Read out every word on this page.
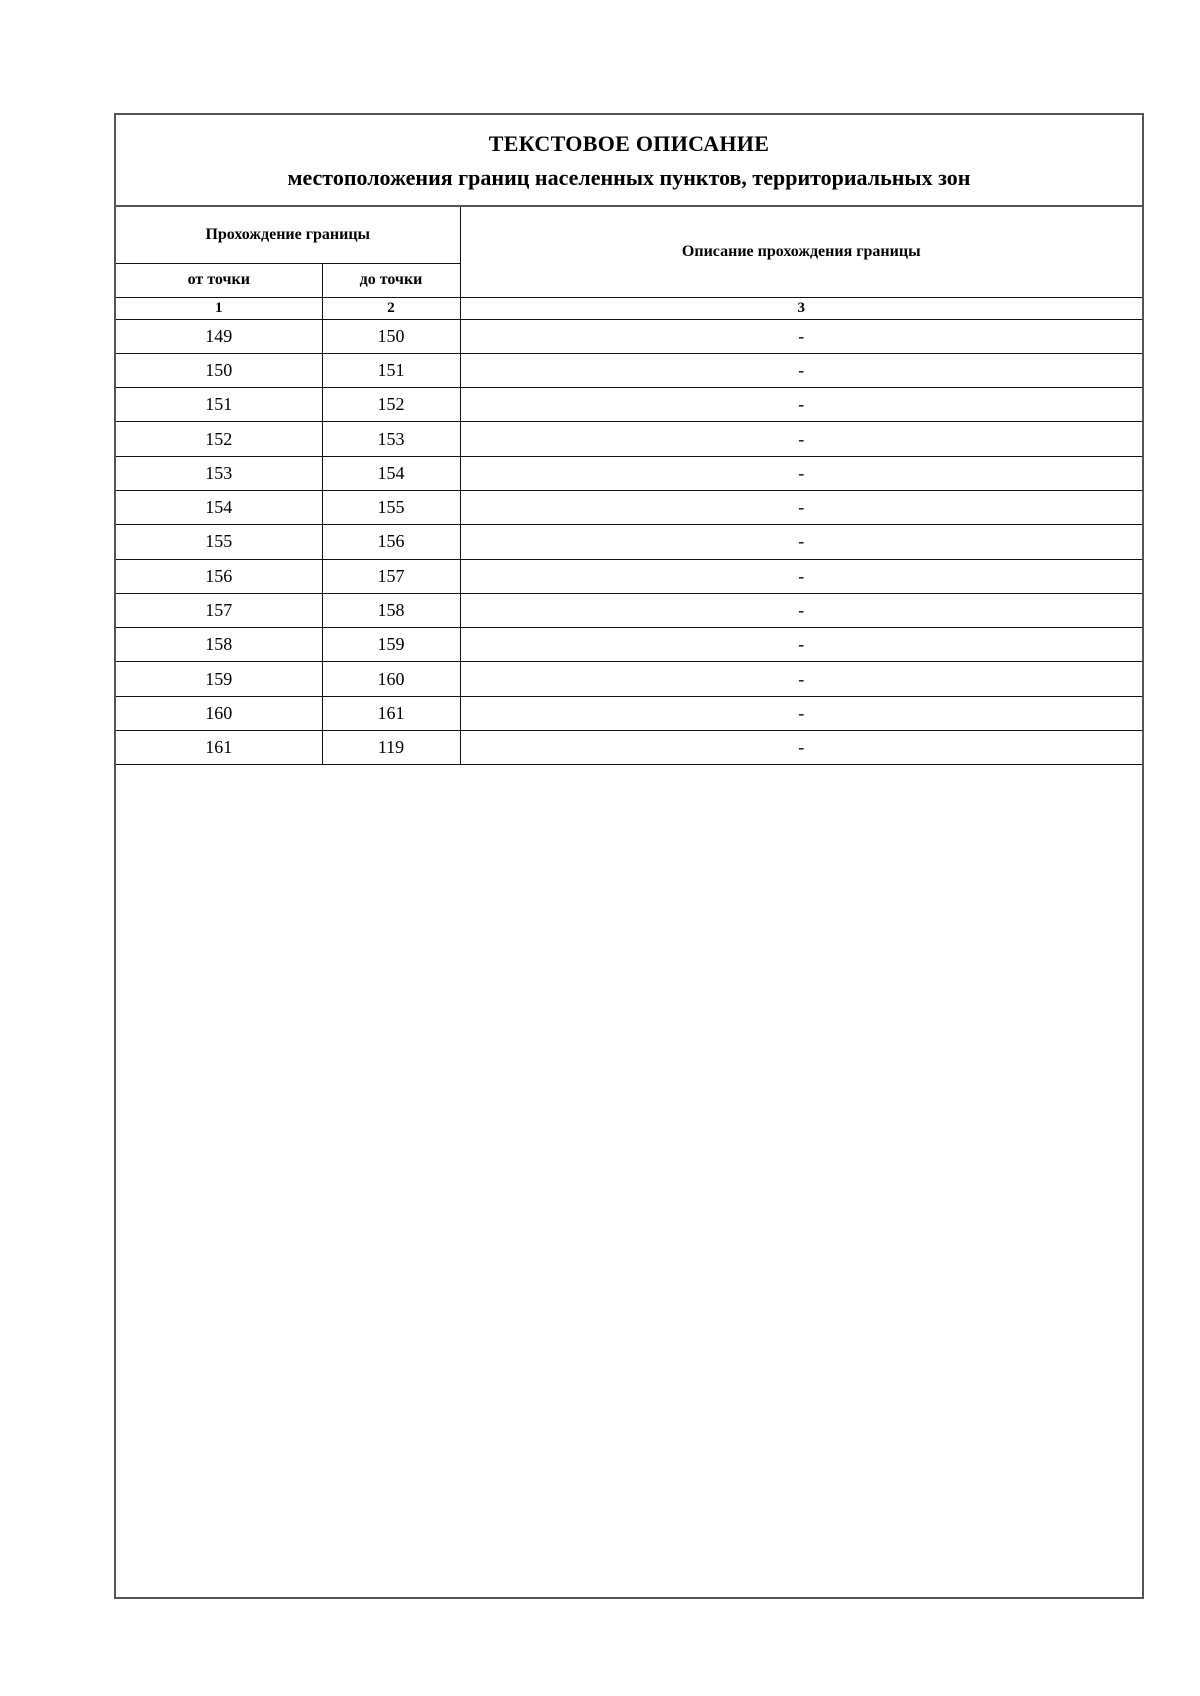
ТЕКСТОВОЕ ОПИСАНИЕ
местоположения границ населенных пунктов, территориальных зон
Прохождение границы		Описание прохождения границы
от точки	до точки	
1	2	3
149	150	-
150	151	-
151	152	-
152	153	-
153	154	-
154	155	-
155	156	-
156	157	-
157	158	-
158	159	-
159	160	-
160	161	-
161	119	-
